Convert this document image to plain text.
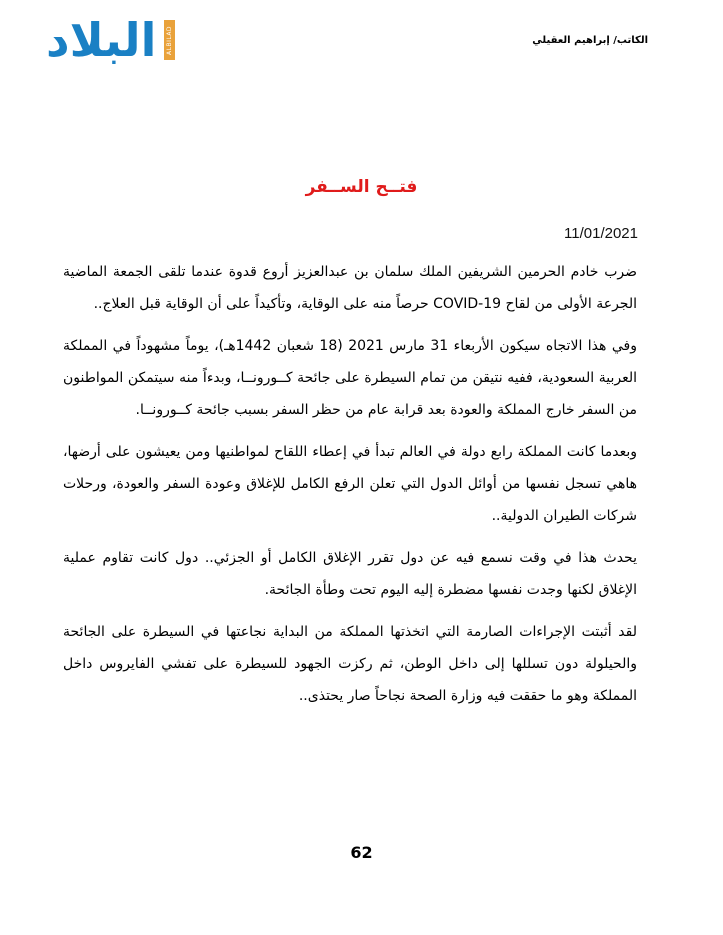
البلاد	ALBILAD	الكاتب/ إبراهيم العقيلي
فتــح الســفر
11/01/2021

ضرب خادم الحرمين الشريفين الملك سلمان بن عبدالعزيز أروع قدوة عندما تلقى الجمعة الماضية الجرعة الأولى من لقاح COVID-19 حرصاً منه على الوقاية، وتأكيداً على أن الوقاية قبل العلاج..

وفي هذا الاتجاه سيكون الأربعاء 31 مارس 2021 (18 شعبان 1442هـ)، يوماً مشهوداً في المملكة العربية السعودية، ففيه نتيقن من تمام السيطرة على جائحة كــورونــا، وبدءاً منه سيتمكن المواطنون من السفر خارج المملكة والعودة بعد قرابة عام من حظر السفر بسبب جائحة كــورونــا.

وبعدما كانت المملكة رابع دولة في العالم تبدأ في إعطاء اللقاح لمواطنيها ومن يعيشون على أرضها، هاهي تسجل نفسها من أوائل الدول التي تعلن الرفع الكامل للإغلاق وعودة السفر والعودة، ورحلات شركات الطيران الدولية..

يحدث هذا في وقت نسمع فيه عن دول تقرر الإغلاق الكامل أو الجزئي.. دول كانت تقاوم عملية الإغلاق لكنها وجدت نفسها مضطرة إليه اليوم تحت وطأة الجائحة.

لقد أثبتت الإجراءات الصارمة التي اتخذتها المملكة من البداية نجاعتها في السيطرة على الجائحة والحيلولة دون تسللها إلى داخل الوطن، ثم ركزت الجهود للسيطرة على تفشي الفايروس داخل المملكة وهو ما حققت فيه وزارة الصحة نجاحاً صار يحتذى..

62
